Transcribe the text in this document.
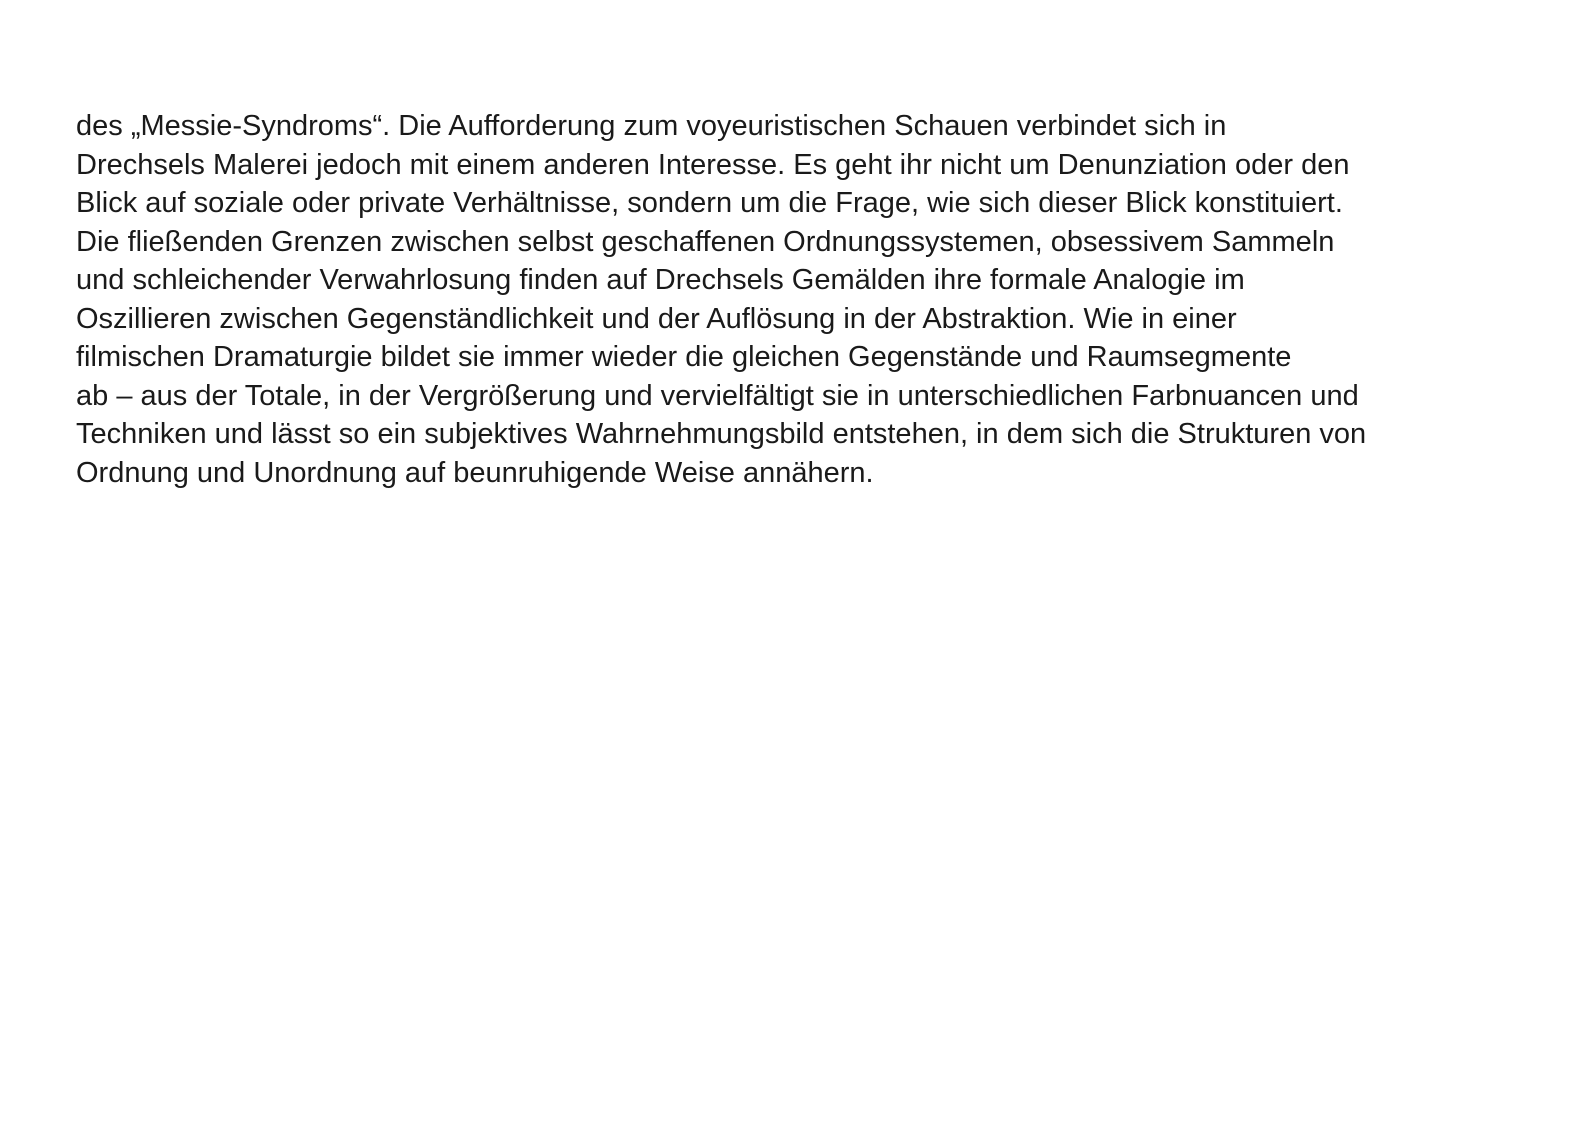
des „Messie-Syndroms“. Die Aufforderung zum voyeuristischen Schauen verbindet sich in
Drechsels Malerei jedoch mit einem anderen Interesse. Es geht ihr nicht um Denunziation oder den
Blick auf soziale oder private Verhältnisse, sondern um die Frage, wie sich dieser Blick konstituiert.
Die fließenden Grenzen zwischen selbst geschaffenen Ordnungssystemen, obsessivem Sammeln
und schleichender Verwahrlosung finden auf Drechsels Gemälden ihre formale Analogie im
Oszillieren zwischen Gegenständlichkeit und der Auflösung in der Abstraktion. Wie in einer
filmischen Dramaturgie bildet sie immer wieder die gleichen Gegenstände und Raumsegmente
ab – aus der Totale, in der Vergrößerung und vervielfältigt sie in unterschiedlichen Farbnuancen und
Techniken und lässt so ein subjektives Wahrnehmungsbild entstehen, in dem sich die Strukturen von
Ordnung und Unordnung auf beunruhigende Weise annähern.
